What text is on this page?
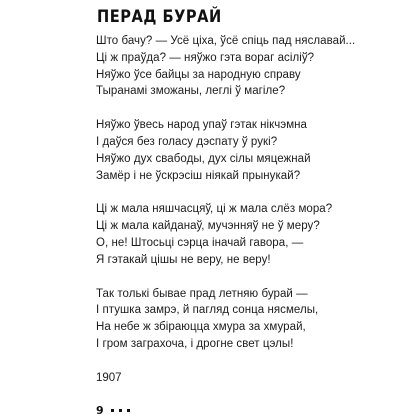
ПЕРАД БУРАЙ
Што бачу? — Усё ціха, ўсё спіць пад няславай...
Ці ж праўда? — няўжо гэта вораг асіліў?
Няўжо ўсе байцы за народную справу
Тыранамі зможаны, леглі ў магіле?
Няўжо ўвесь народ упаў гэтак нікчэмна
І даўся без голасу дэспату ў рукі?
Няўжо дух свабоды, дух сілы мяцежнай
Замёр і не ўскрэсіш ніякай прынукай?
Ці ж мала няшчасцяў, ці ж мала слёз мора?
Ці ж мала кайданаў, мучэнняў не ў меру?
О, не! Штосьці сэрца іначай гавора, —
Я гэтакай цішы не веру, не веру!
Так толькі бывае прад летняю бурай —
І птушка замрэ, й пагляд сонца нясмелы,
На небе ж збіраюцца хмура за хмурай,
І гром заграхоча, і дрогне свет цэлы!
1907
9
